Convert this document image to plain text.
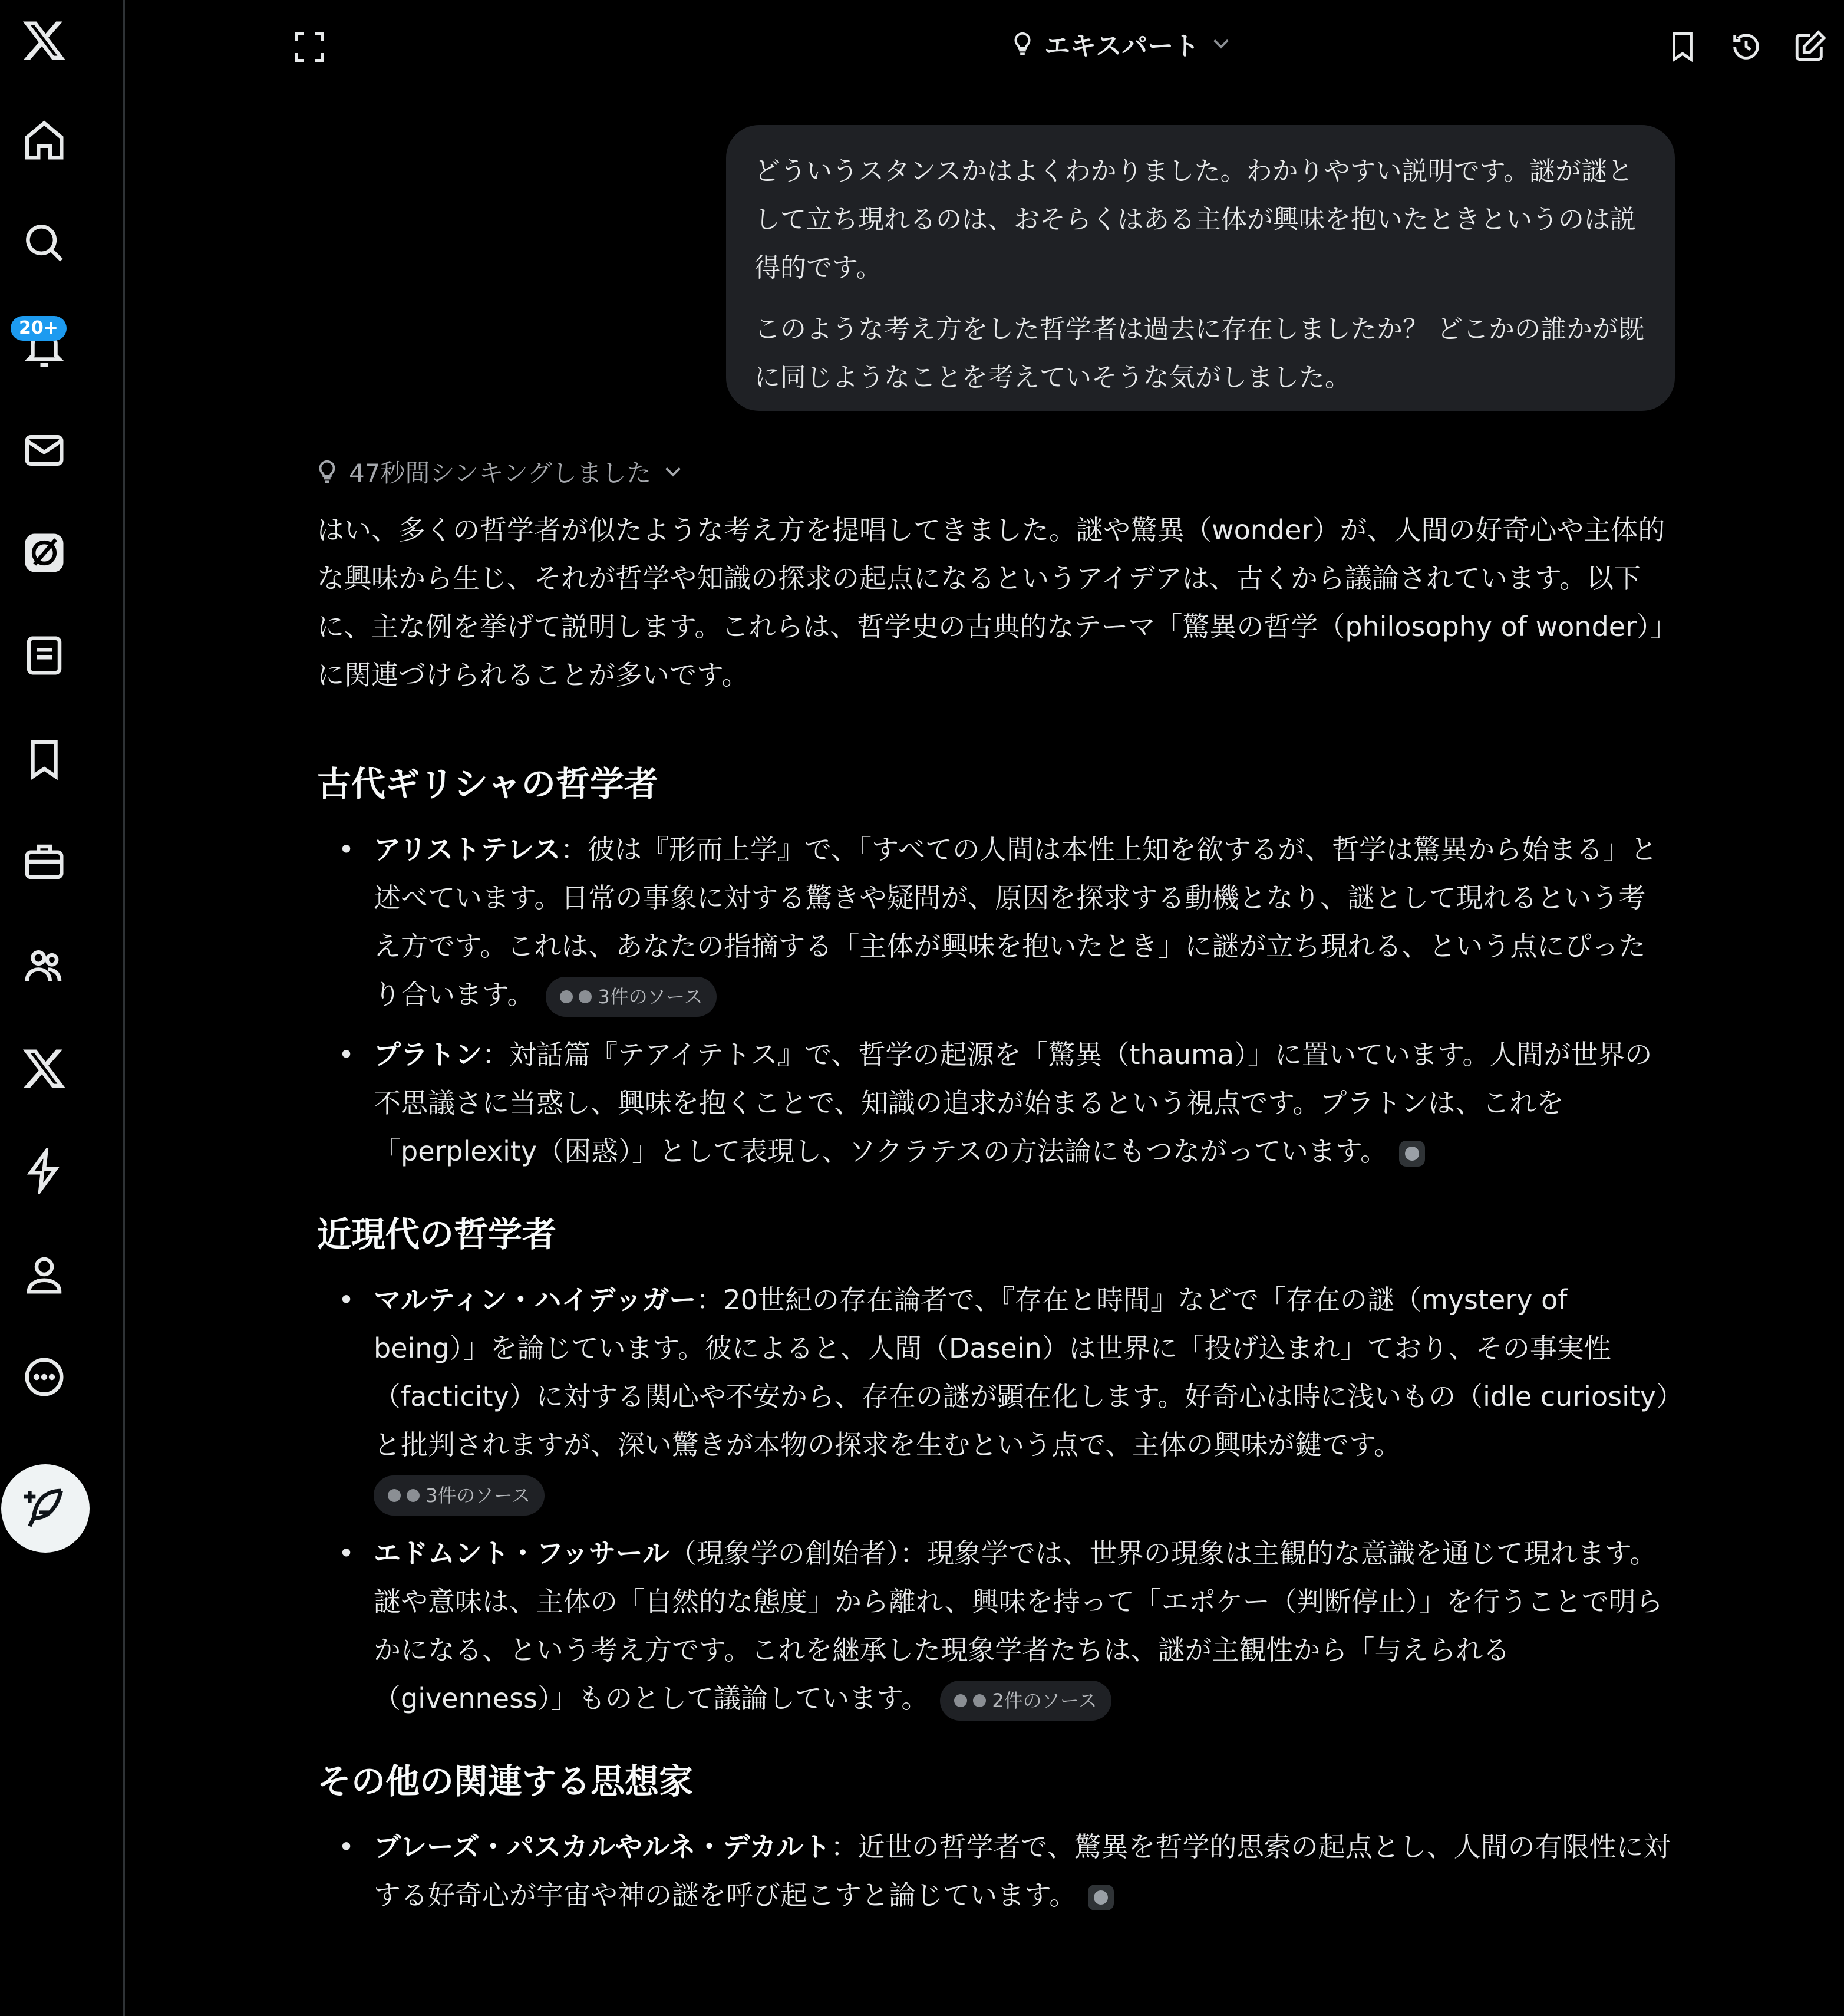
20+
エキスパート

どういうスタンスかはよくわかりました。わかりやすい説明です。謎が謎として立ち現れるのは、おそらくはある主体が興味を抱いたときというのは説得的です。

このような考え方をした哲学者は過去に存在しましたか？ どこかの誰かが既に同じようなことを考えていそうな気がしました。

47秒間シンキングしました

はい、多くの哲学者が似たような考え方を提唱してきました。謎や驚異（wonder）が、人間の好奇心や主体的な興味から生じ、それが哲学や知識の探求の起点になるというアイデアは、古くから議論されています。以下に、主な例を挙げて説明します。これらは、哲学史の古典的なテーマ「驚異の哲学（philosophy of wonder）」に関連づけられることが多いです。

古代ギリシャの哲学者
• アリストテレス：彼は『形而上学』で、「すべての人間は本性上知を欲するが、哲学は驚異から始まる」と述べています。日常の事象に対する驚きや疑問が、原因を探求する動機となり、謎として現れるという考え方です。これは、あなたの指摘する「主体が興味を抱いたとき」に謎が立ち現れる、という点にぴったり合います。	3件のソース
• プラトン：対話篇『テアイテトス』で、哲学の起源を「驚異（thauma）」に置いています。人間が世界の不思議さに当惑し、興味を抱くことで、知識の追求が始まるという視点です。プラトンは、これを「perplexity（困惑）」として表現し、ソクラテスの方法論にもつながっています。
近現代の哲学者
• マルティン・ハイデッガー：20世紀の存在論者で、『存在と時間』などで「存在の謎（mystery of being）」を論じています。彼によると、人間（Dasein）は世界に「投げ込まれ」ており、その事実性（facticity）に対する関心や不安から、存在の謎が顕在化します。好奇心は時に浅いもの（idle curiosity）と批判されますが、深い驚きが本物の探求を生むという点で、主体の興味が鍵です。

3件のソース
• エドムント・フッサール（現象学の創始者）：現象学では、世界の現象は主観的な意識を通じて現れます。謎や意味は、主体の「自然的な態度」から離れ、興味を持って「エポケー（判断停止）」を行うことで明らかになる、という考え方です。これを継承した現象学者たちは、謎が主観性から「与えられる（givenness）」ものとして議論しています。	2件のソース
その他の関連する思想家
• ブレーズ・パスカルやルネ・デカルト：近世の哲学者で、驚異を哲学的思索の起点とし、人間の有限性に対する好奇心が宇宙や神の謎を呼び起こすと論じています。
